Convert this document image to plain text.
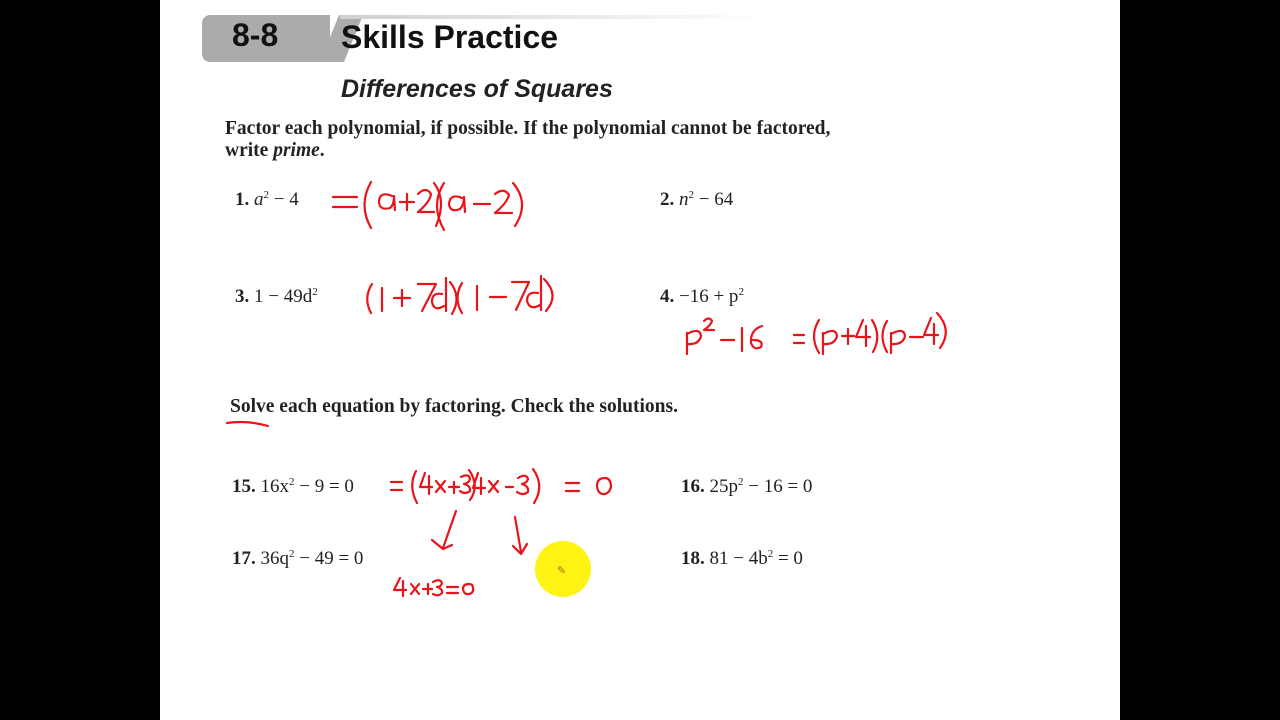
8-8 Skills Practice
Differences of Squares
Factor each polynomial, if possible. If the polynomial cannot be factored,
write prime.
1. $a^2 - 4$	2. $n^2 - 64$
3. $1 - 49d^2$	4. $-16 + p^2$
Solve each equation by factoring. Check the solutions.
15. $16x^2 - 9 = 0$	16. $25p^2 - 16 = 0$
17. $36q^2 - 49 = 0$	18. $81 - 4b^2 = 0$
✎
